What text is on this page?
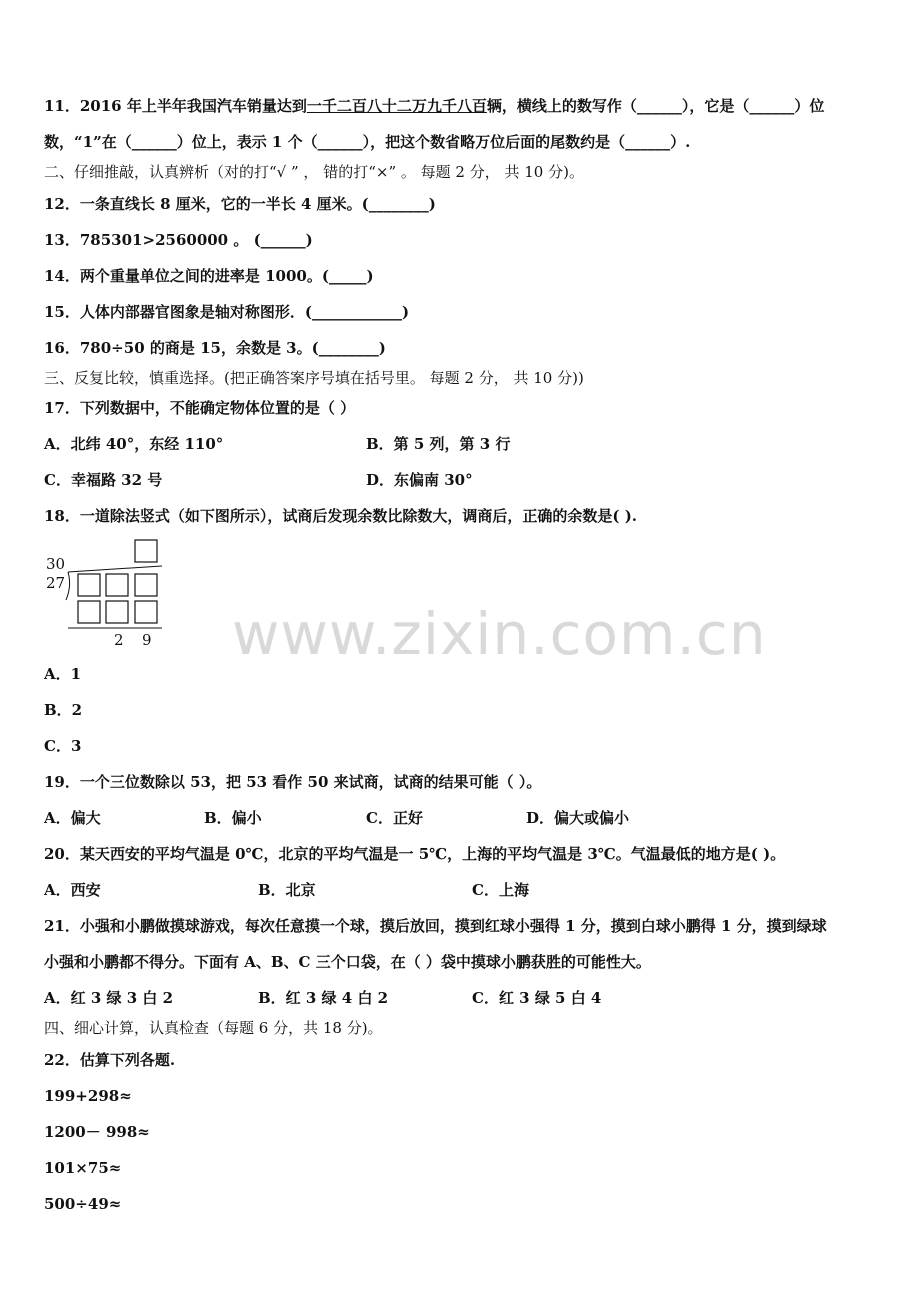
11．2016 年上半年我国汽车销量达到一千二百八十二万九千八百辆，横线上的数写作（______），它是（______）位
数，“1”在（______）位上，表示 1 个（______），把这个数省略万位后面的尾数约是（______）.
二、仔细推敲，认真辨析（对的打“√ ” ， 错的打“×” 。 每题 2 分， 共 10 分)。
12．一条直线长 8 厘米，它的一半长 4 厘米。(________)
13．785301>2560000 。 (______)
14．两个重量单位之间的进率是 1000。(_____)
15．人体内部器官图象是轴对称图形．(____________)
16．780÷50 的商是 15，余数是 3。(________)
三、反复比较，慎重选择。(把正确答案序号填在括号里。 每题 2 分， 共 10 分))
17．下列数据中，不能确定物体位置的是（ ）
A．北纬 40°，东经 110°	B．第 5 列，第 3 行
C．幸福路 32 号	D．东偏南 30°
18．一道除法竖式（如下图所示），试商后发现余数比除数大，调商后，正确的余数是( ).
30
27
2 9
A．1
B．2
C．3
19．一个三位数除以 53，把 53 看作 50 来试商，试商的结果可能（ ）。
A．偏大	B．偏小	C．正好	D．偏大或偏小
20．某天西安的平均气温是 0℃，北京的平均气温是一 5℃，上海的平均气温是 3℃。气温最低的地方是( )。
A．西安	B．北京	C．上海
21．小强和小鹏做摸球游戏，每次任意摸一个球，摸后放回，摸到红球小强得 1 分，摸到白球小鹏得 1 分，摸到绿球
小强和小鹏都不得分。下面有 A、B、C 三个口袋，在（ ）袋中摸球小鹏获胜的可能性大。
A．红 3 绿 3 白 2	B．红 3 绿 4 白 2	C．红 3 绿 5 白 4
四、细心计算，认真检查（每题 6 分，共 18 分)。
22．估算下列各题.
199+298≈
1200－ 998≈
101×75≈
500÷49≈
www.zixin.com.cn
